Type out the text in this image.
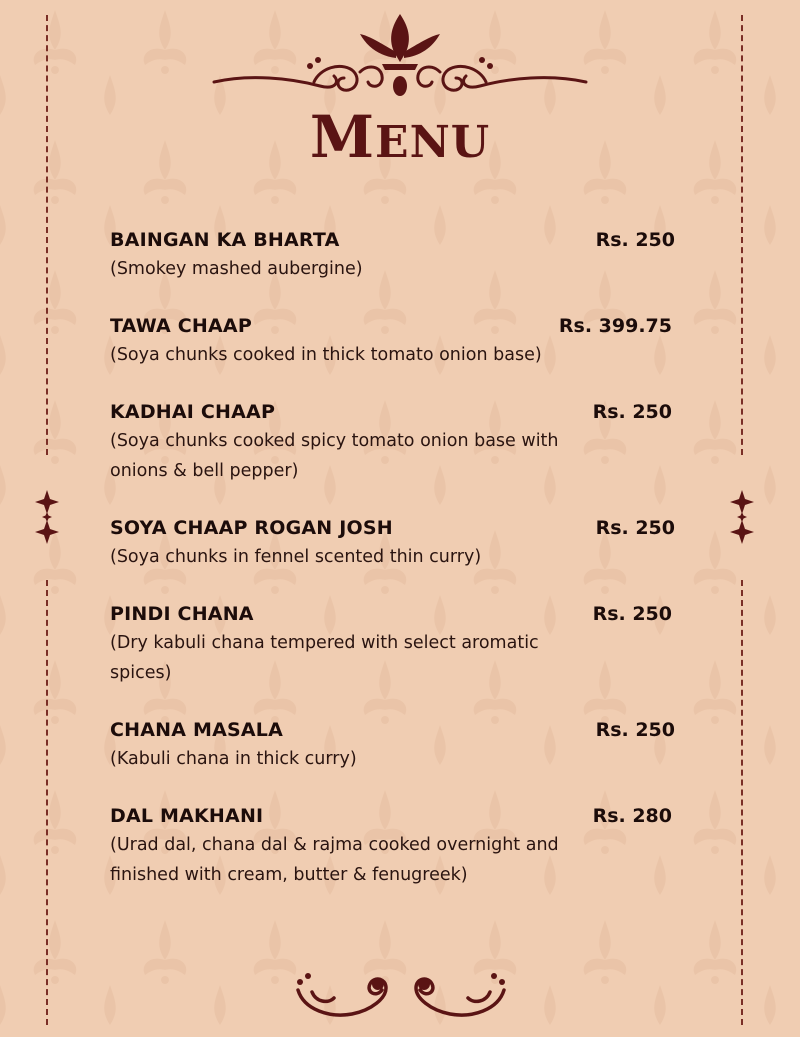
MENU
BAINGAN KA BHARTA	Rs. 250
(Smokey mashed aubergine)
TAWA CHAAP	Rs. 399.75
(Soya chunks cooked in thick tomato onion base)
KADHAI CHAAP	Rs. 250
(Soya chunks cooked spicy tomato onion base with onions & bell pepper)
SOYA CHAAP ROGAN JOSH	Rs. 250
(Soya chunks in fennel scented thin curry)
PINDI CHANA	Rs. 250
(Dry kabuli chana tempered with select aromatic spices)
CHANA MASALA	Rs. 250
(Kabuli chana in thick curry)
DAL MAKHANI	Rs. 280
(Urad dal, chana dal & rajma cooked overnight and finished with cream, butter & fenugreek)
